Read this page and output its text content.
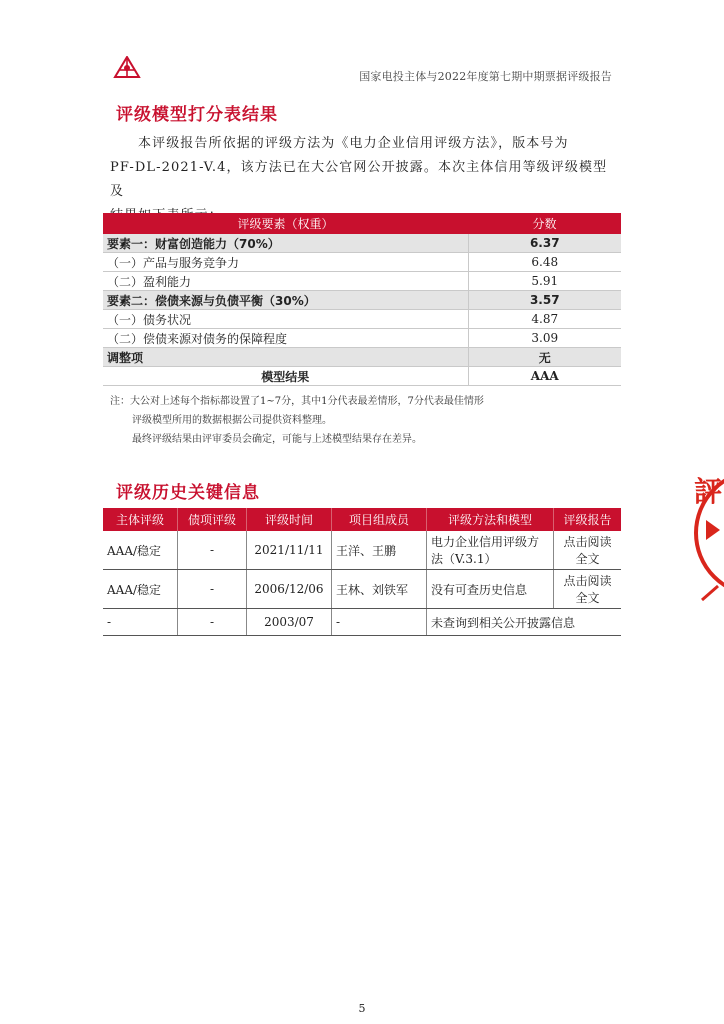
国家电投主体与2022年度第七期中期票据评级报告
评级模型打分表结果
本评级报告所依据的评级方法为《电力企业信用评级方法》，版本号为
PF-DL-2021-V.4，该方法已在大公官网公开披露。本次主体信用等级评级模型及
评级要素（权重）	分数
要素一：财富创造能力（70%）	6.37
（一）产品与服务竞争力	6.48
（二）盈利能力	5.91
要素二：偿债来源与负债平衡（30%）	3.57
（一）债务状况	4.87
（二）偿债来源对债务的保障程度	3.09
调整项	无
模型结果	AAA
注：大公对上述每个指标都设置了1~7分，其中1分代表最差情形，7分代表最佳情形
评级模型所用的数据根据公司提供资料整理。
最终评级结果由评审委员会确定，可能与上述模型结果存在差异。
评级历史关键信息
主体评级	债项评级	评级时间	项目组成员	评级方法和模型	评级报告
AAA/稳定	-	2021/11/11	王洋、王鹏	电力企业信用评级方法（V.3.1）	点击阅读全文
AAA/稳定	-	2006/12/06	王林、刘铁军	没有可查历史信息	点击阅读全文
-	-	2003/07	-	未查询到相关公开披露信息	
評
5
